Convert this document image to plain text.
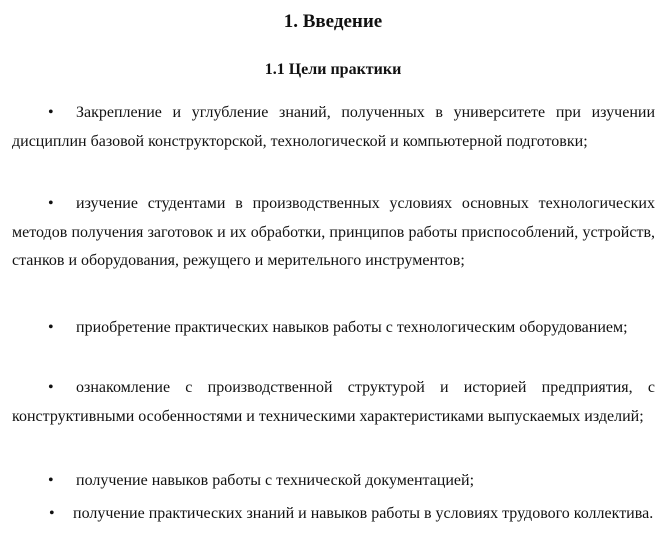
1. Введение
1.1 Цели практики
• Закрепление и углубление знаний, полученных в университете при изучении дисциплин базовой конструкторской, технологической и компьютерной подготовки;
• изучение студентами в производственных условиях основных технологических методов получения заготовок и их обработки, принципов работы приспособлений, устройств, станков и оборудования, режущего и мерительного инструментов;
• приобретение практических навыков работы с технологическим оборудованием;
• ознакомление с производственной структурой и историей предприятия, с конструктивными особенностями и техническими характеристиками выпускаемых изделий;
• получение навыков работы с технической документацией;
• получение практических знаний и навыков работы в условиях трудового коллектива.
